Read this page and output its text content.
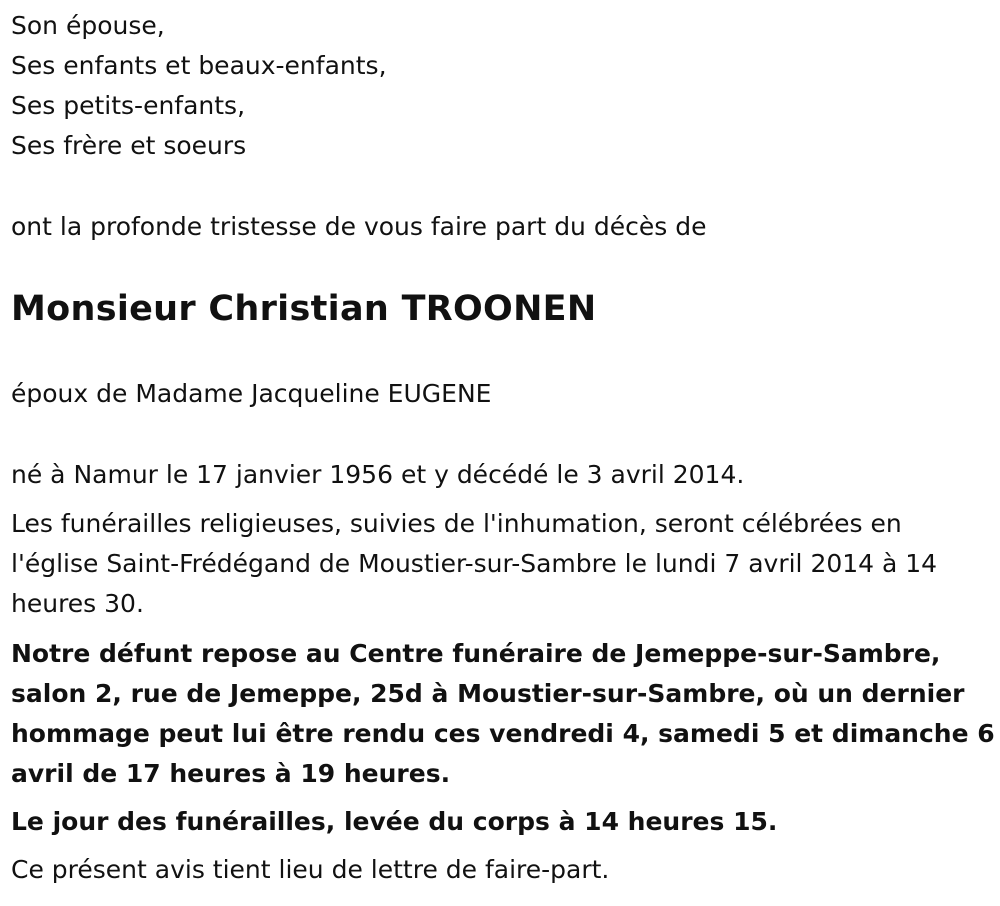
Son épouse,
Ses enfants et beaux-enfants,
Ses petits-enfants,
Ses frère et soeurs
ont la profonde tristesse de vous faire part du décès de
Monsieur Christian TROONEN
époux de Madame Jacqueline EUGENE
né à Namur le 17 janvier 1956 et y décédé le 3 avril 2014.
Les funérailles religieuses, suivies de l'inhumation, seront célébrées en l'église Saint-Frédégand de Moustier-sur-Sambre le lundi 7 avril 2014 à 14 heures 30.
Notre défunt repose au Centre funéraire de Jemeppe-sur-Sambre, salon 2, rue de Jemeppe, 25d à Moustier-sur-Sambre, où un dernier hommage peut lui être rendu ces vendredi 4, samedi 5 et dimanche 6 avril de 17 heures à 19 heures.
Le jour des funérailles, levée du corps à 14 heures 15.
Ce présent avis tient lieu de lettre de faire-part.
